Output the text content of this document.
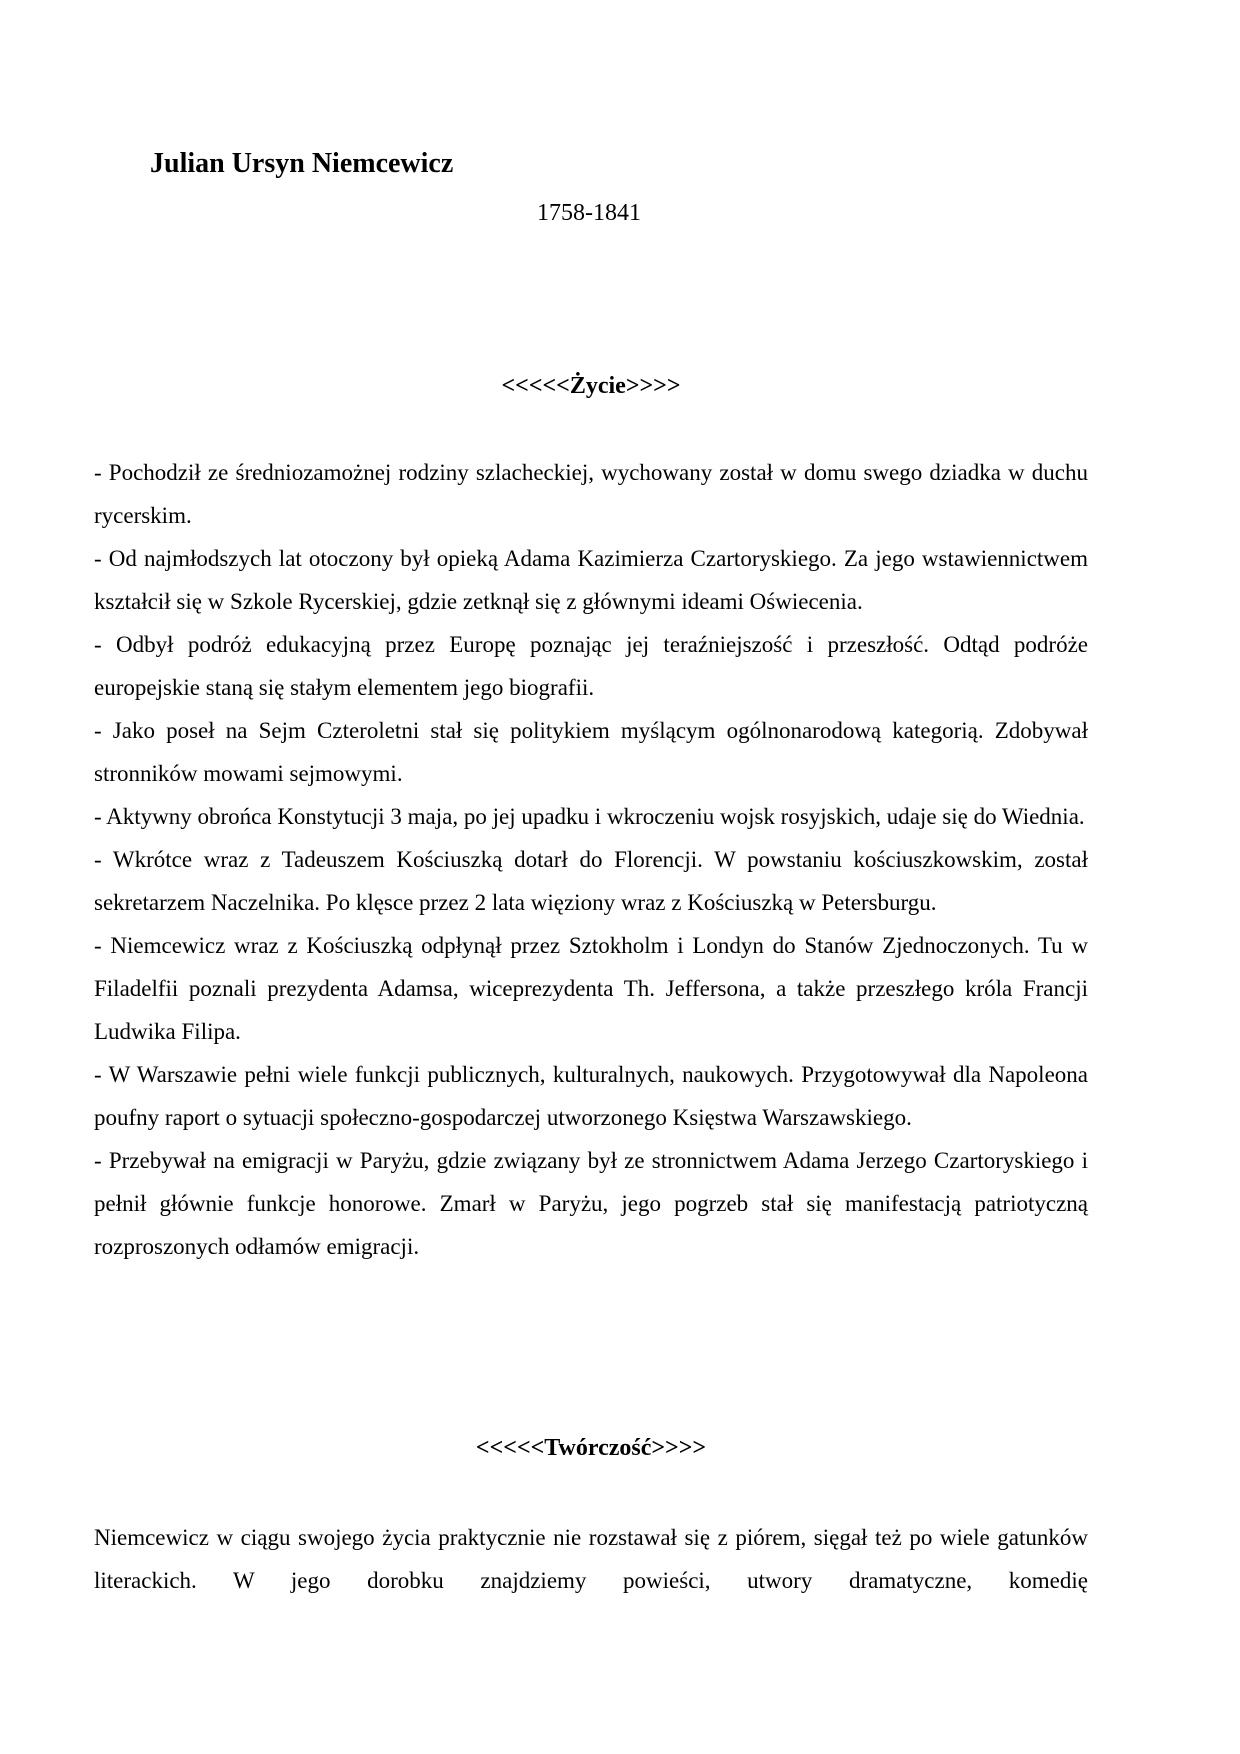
Julian Ursyn Niemcewicz

1758-1841

<<<<<Życie>>>>

- Pochodził ze średniozamożnej rodziny szlacheckiej, wychowany został w domu swego dziadka w duchu rycerskim.

- Od najmłodszych lat otoczony był opieką Adama Kazimierza Czartoryskiego. Za jego wstawiennictwem kształcił się w Szkole Rycerskiej, gdzie zetknął się z głównymi ideami Oświecenia.

- Odbył podróż edukacyjną przez Europę poznając jej teraźniejszość i przeszłość. Odtąd podróże europejskie staną się stałym elementem jego biografii.

- Jako poseł na Sejm Czteroletni stał się politykiem myślącym ogólnonarodową kategorią. Zdobywał stronników mowami sejmowymi.

- Aktywny obrońca Konstytucji 3 maja, po jej upadku i wkroczeniu wojsk rosyjskich, udaje się do Wiednia.

- Wkrótce wraz z Tadeuszem Kościuszką dotarł do Florencji. W powstaniu kościuszkowskim, został sekretarzem Naczelnika. Po klęsce przez 2 lata więziony wraz z Kościuszką w Petersburgu.

- Niemcewicz wraz z Kościuszką odpłynął przez Sztokholm i Londyn do Stanów Zjednoczonych. Tu w Filadelfii poznali prezydenta Adamsa, wiceprezydenta Th. Jeffersona, a także przeszłego króla Francji Ludwika Filipa.

- W Warszawie pełni wiele funkcji publicznych, kulturalnych, naukowych. Przygotowywał dla Napoleona poufny raport o sytuacji społeczno-gospodarczej utworzonego Księstwa Warszawskiego.

- Przebywał na emigracji w Paryżu, gdzie związany był ze stronnictwem Adama Jerzego Czartoryskiego i pełnił głównie funkcje honorowe. Zmarł w Paryżu, jego pogrzeb stał się manifestacją patriotyczną rozproszonych odłamów emigracji.

<<<<<Twórczość>>>>

Niemcewicz w ciągu swojego życia praktycznie nie rozstawał się z piórem, sięgał też po wiele gatunków literackich. W jego dorobku znajdziemy powieści, utwory dramatyczne, komedię
